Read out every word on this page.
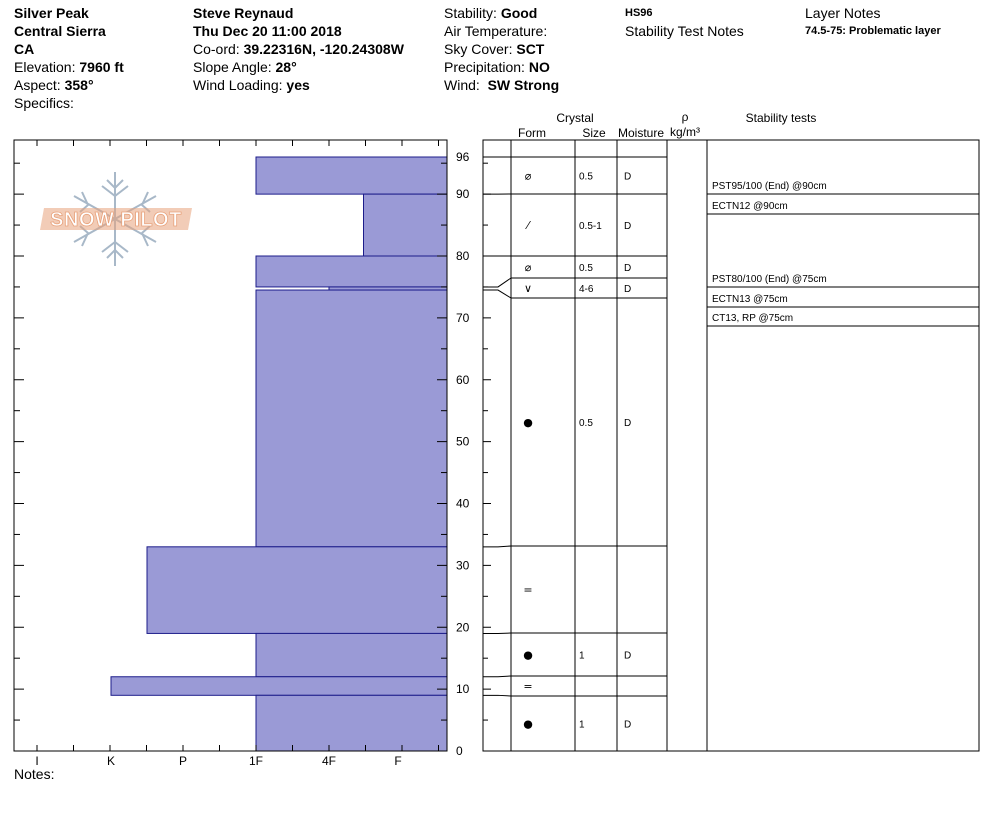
Silver Peak
Central Sierra
CA
Elevation: 7960 ft
Aspect: 358°
Specifics:
Steve Reynaud
Thu Dec 20 11:00 2018
Co-ord: 39.22316N, -120.24308W
Slope Angle: 28°
Wind Loading: yes
Stability: Good
Air Temperature:
Sky Cover: SCT
Precipitation: NO
Wind: SW Strong
HS96
Stability Test Notes
Layer Notes
74.5-75: Problematic layer
SNOW PILOT
I	K	P	1F	4F	F
0
10
20
30
40
50
60
70
80
90
96
Crystal
Form	Size Moisture
ρ
kg/m³
Stability tests
⌀	0.5	D
⁄	0.5-1 D
⌀	0.5	D
∨	4-6	D
●	0.5	D
=
●	1	D
=
●	1	D
PST95/100 (End) @90cm
ECTN12 @90cm
PST80/100 (End) @75cm
ECTN13 @75cm
CT13, RP @75cm
Notes:
